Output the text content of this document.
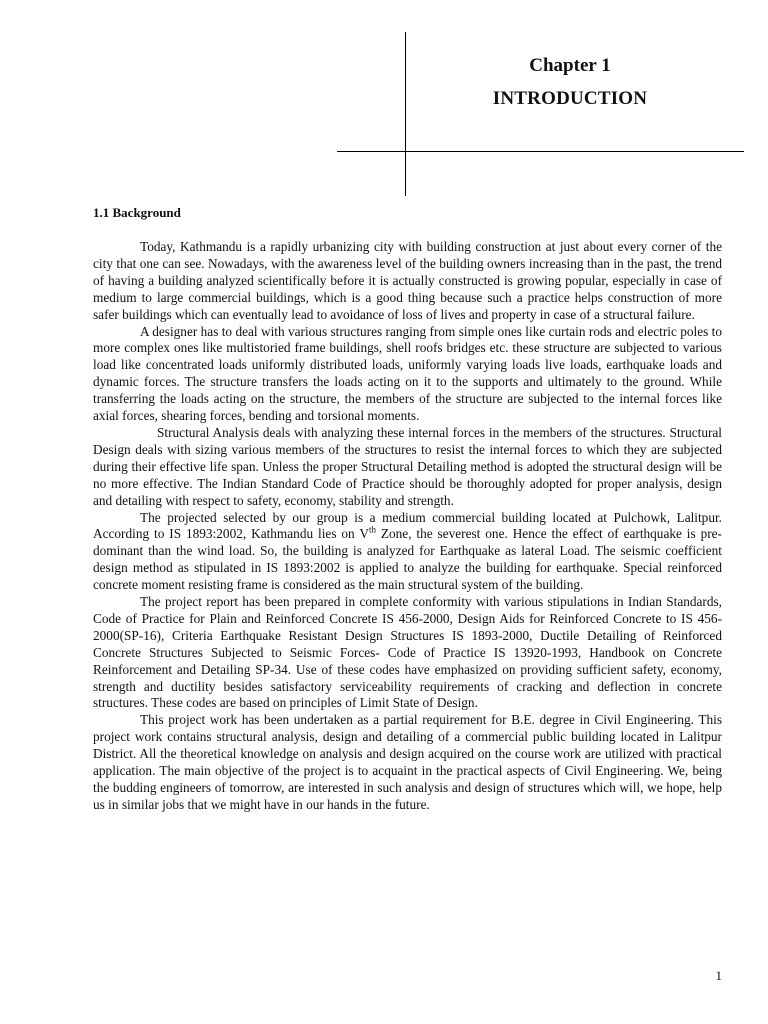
Chapter 1
INTRODUCTION
1.1 Background

Today, Kathmandu is a rapidly urbanizing city with building construction at just about every corner of the city that one can see. Nowadays, with the awareness level of the building owners increasing than in the past, the trend of having a building analyzed scientifically before it is actually constructed is growing popular, especially in case of medium to large commercial buildings, which is a good thing because such a practice helps construction of more safer buildings which can eventually lead to avoidance of loss of lives and property in case of a structural failure.

A designer has to deal with various structures ranging from simple ones like curtain rods and electric poles to more complex ones like multistoried frame buildings, shell roofs bridges etc. these structure are subjected to various load like concentrated loads uniformly distributed loads, uniformly varying loads live loads, earthquake loads and dynamic forces. The structure transfers the loads acting on it to the supports and ultimately to the ground. While transferring the loads acting on the structure, the members of the structure are subjected to the internal forces like axial forces, shearing forces, bending and torsional moments.

Structural Analysis deals with analyzing these internal forces in the members of the structures. Structural Design deals with sizing various members of the structures to resist the internal forces to which they are subjected during their effective life span. Unless the proper Structural Detailing method is adopted the structural design will be no more effective. The Indian Standard Code of Practice should be thoroughly adopted for proper analysis, design and detailing with respect to safety, economy, stability and strength.

The projected selected by our group is a medium commercial building located at Pulchowk, Lalitpur. According to IS 1893:2002, Kathmandu lies on Vth Zone, the severest one. Hence the effect of earthquake is pre-dominant than the wind load. So, the building is analyzed for Earthquake as lateral Load. The seismic coefficient design method as stipulated in IS 1893:2002 is applied to analyze the building for earthquake. Special reinforced concrete moment resisting frame is considered as the main structural system of the building.

The project report has been prepared in complete conformity with various stipulations in Indian Standards, Code of Practice for Plain and Reinforced Concrete IS 456-2000, Design Aids for Reinforced Concrete to IS 456-2000(SP-16), Criteria Earthquake Resistant Design Structures IS 1893-2000, Ductile Detailing of Reinforced Concrete Structures Subjected to Seismic Forces- Code of Practice IS 13920-1993, Handbook on Concrete Reinforcement and Detailing SP-34. Use of these codes have emphasized on providing sufficient safety, economy, strength and ductility besides satisfactory serviceability requirements of cracking and deflection in concrete structures. These codes are based on principles of Limit State of Design.

This project work has been undertaken as a partial requirement for B.E. degree in Civil Engineering. This project work contains structural analysis, design and detailing of a commercial public building located in Lalitpur District. All the theoretical knowledge on analysis and design acquired on the course work are utilized with practical application. The main objective of the project is to acquaint in the practical aspects of Civil Engineering. We, being the budding engineers of tomorrow, are interested in such analysis and design of structures which will, we hope, help us in similar jobs that we might have in our hands in the future.

1
